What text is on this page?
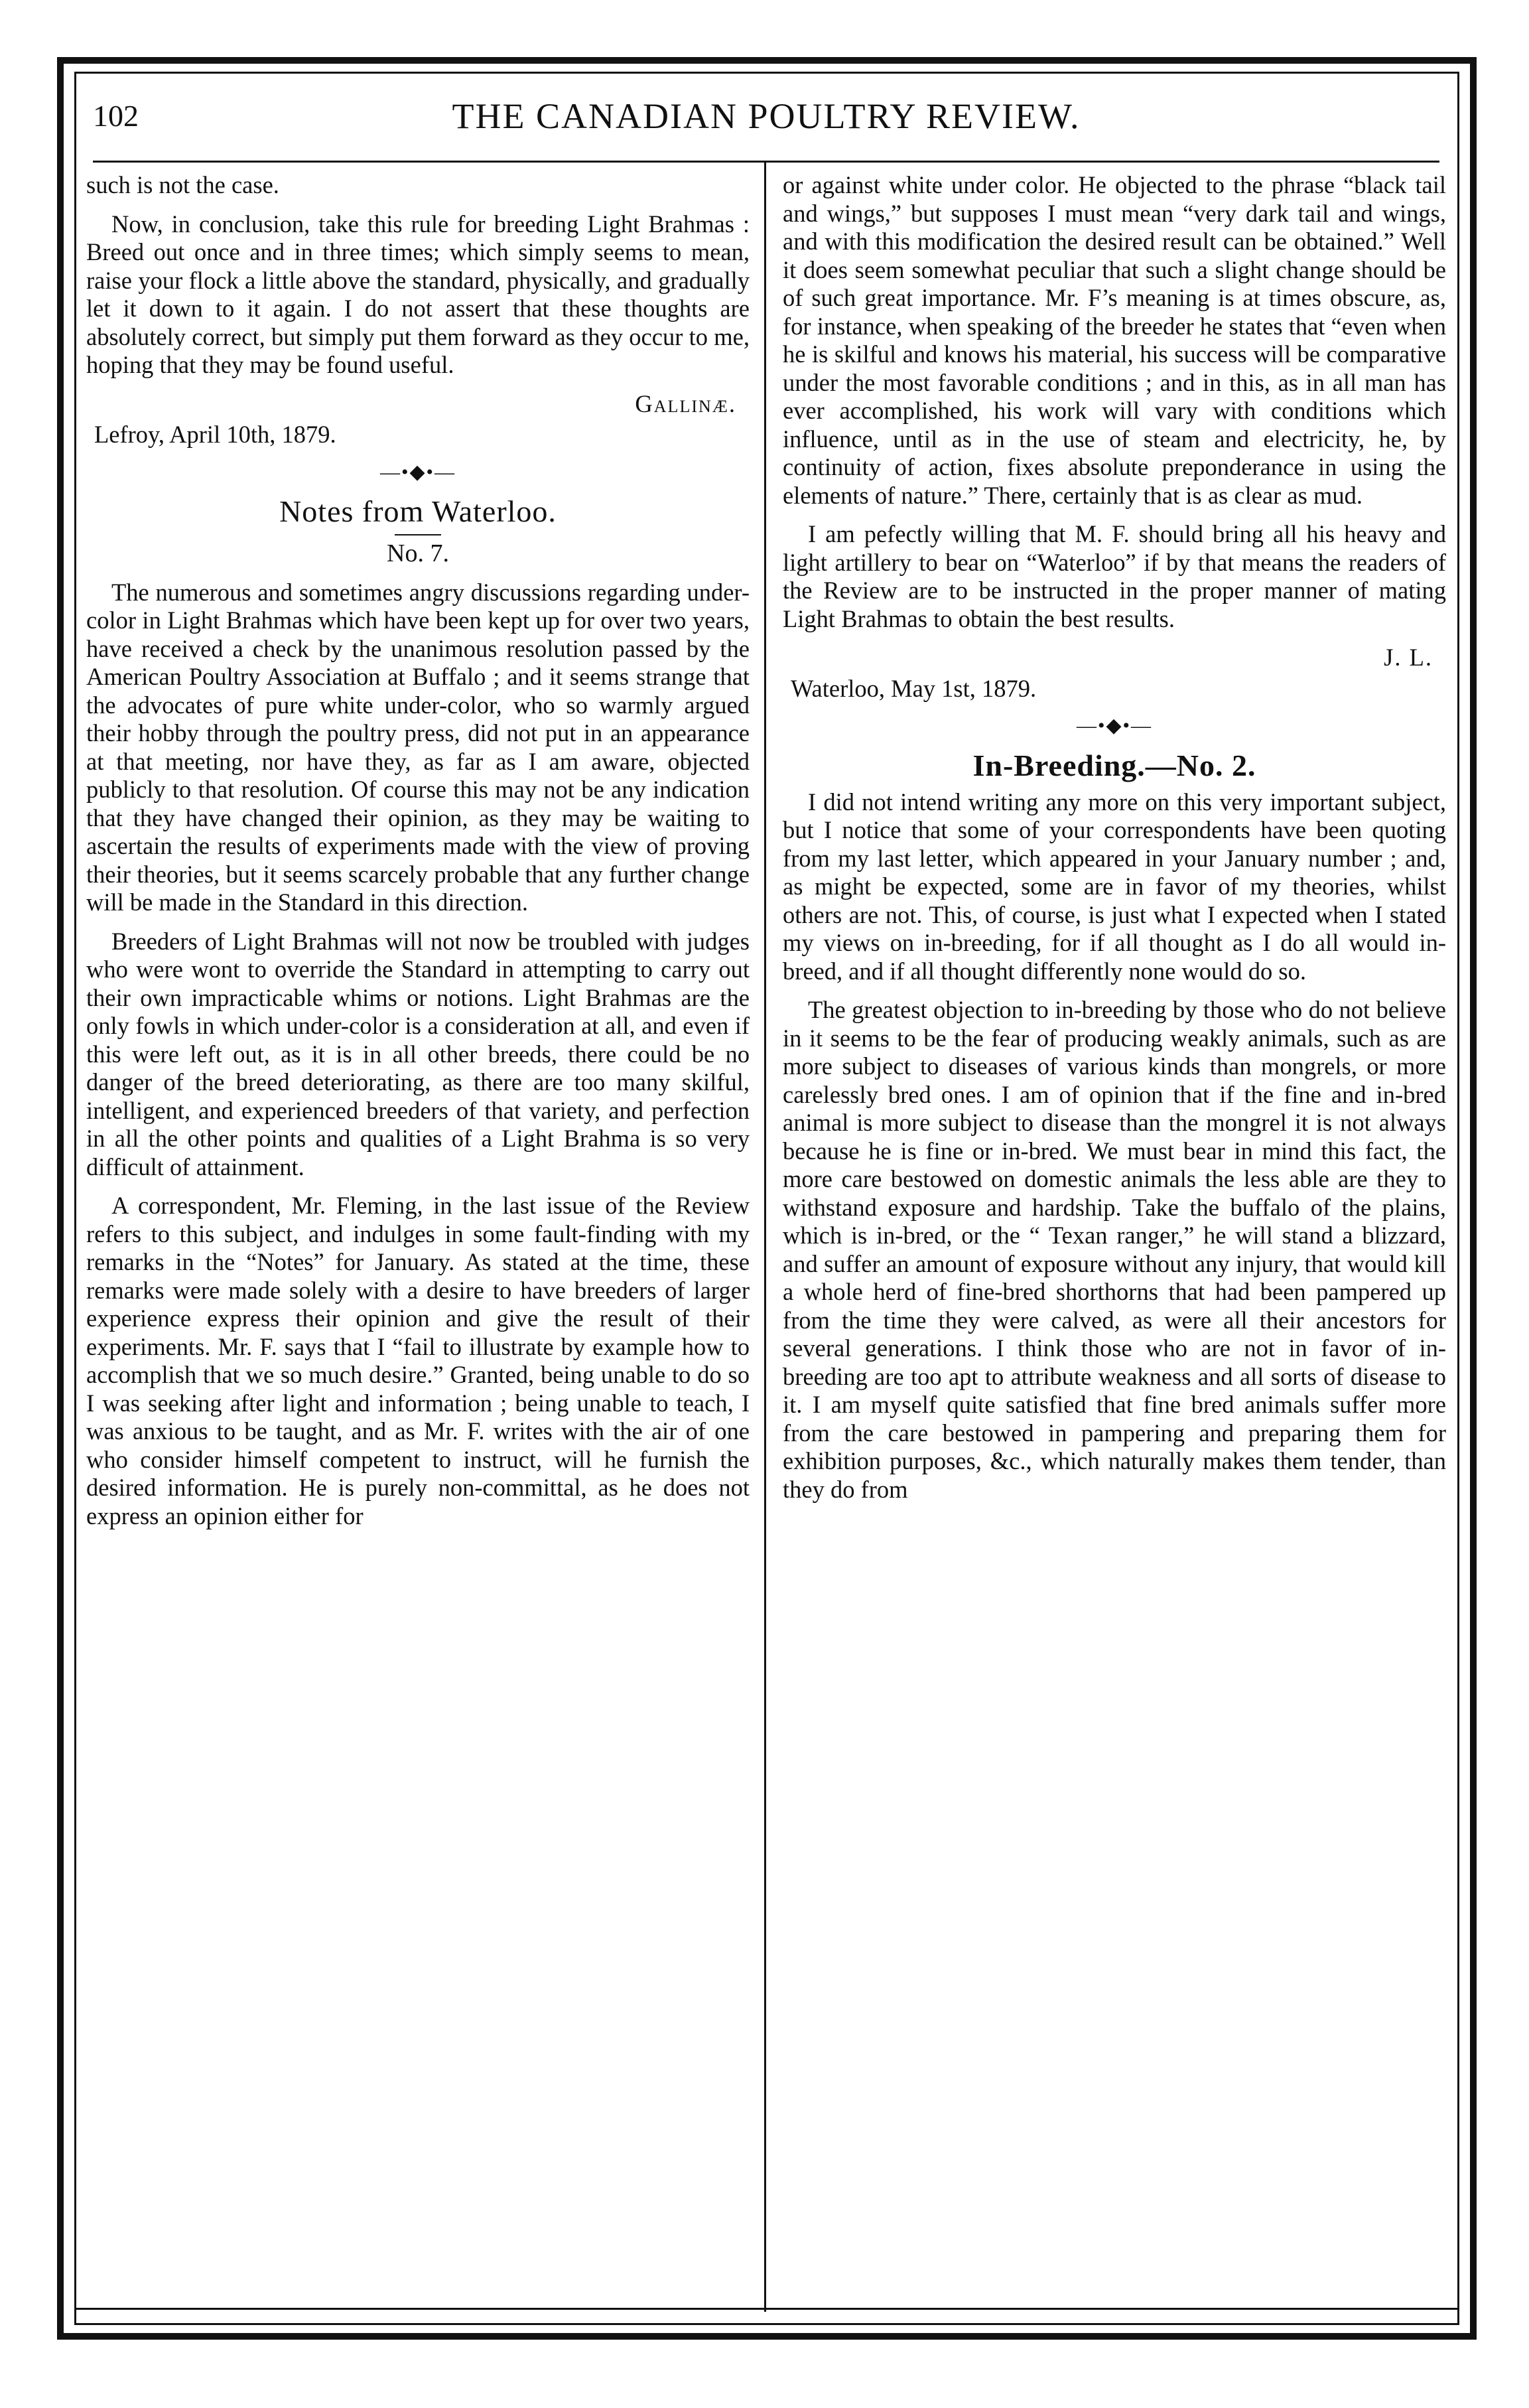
102	THE CANADIAN POULTRY REVIEW.

such is not the case.

Now, in conclusion, take this rule for breeding Light Brahmas : Breed out once and in three times; which simply seems to mean, raise your flock a little above the standard, physically, and gradually let it down to it again. I do not assert that these thoughts are absolutely correct, but simply put them forward as they occur to me, hoping that they may be found useful.

Gallinæ.
Lefroy, April 10th, 1879.
—•◆•—
Notes from Waterloo.
No. 7.

The numerous and sometimes angry discussions regarding under-color in Light Brahmas which have been kept up for over two years, have received a check by the unanimous resolution passed by the American Poultry Association at Buffalo ; and it seems strange that the advocates of pure white under-color, who so warmly argued their hobby through the poultry press, did not put in an appearance at that meeting, nor have they, as far as I am aware, objected publicly to that resolution. Of course this may not be any indication that they have changed their opinion, as they may be waiting to ascertain the results of experiments made with the view of proving their theories, but it seems scarcely probable that any further change will be made in the Standard in this direction.

Breeders of Light Brahmas will not now be troubled with judges who were wont to override the Standard in attempting to carry out their own impracticable whims or notions. Light Brahmas are the only fowls in which under-color is a consideration at all, and even if this were left out, as it is in all other breeds, there could be no danger of the breed deteriorating, as there are too many skilful, intelligent, and experienced breeders of that variety, and perfection in all the other points and qualities of a Light Brahma is so very difficult of attainment.

A correspondent, Mr. Fleming, in the last issue of the Review refers to this subject, and indulges in some fault-finding with my remarks in the “Notes” for January. As stated at the time, these remarks were made solely with a desire to have breeders of larger experience express their opinion and give the result of their experiments. Mr. F. says that I “fail to illustrate by example how to accomplish that we so much desire.” Granted, being unable to do so I was seeking after light and information ; being unable to teach, I was anxious to be taught, and as Mr. F. writes with the air of one who consider himself competent to instruct, will he furnish the desired information. He is purely non-committal, as he does not express an opinion either for

or against white under color. He objected to the phrase “black tail and wings,” but supposes I must mean “very dark tail and wings, and with this modification the desired result can be obtained.” Well it does seem somewhat peculiar that such a slight change should be of such great importance. Mr. F’s meaning is at times obscure, as, for instance, when speaking of the breeder he states that “even when he is skilful and knows his material, his success will be comparative under the most favorable conditions ; and in this, as in all man has ever accomplished, his work will vary with conditions which influence, until as in the use of steam and electricity, he, by continuity of action, fixes absolute preponderance in using the elements of nature.” There, certainly that is as clear as mud.

I am pefectly willing that M. F. should bring all his heavy and light artillery to bear on “Waterloo” if by that means the readers of the Review are to be instructed in the proper manner of mating Light Brahmas to obtain the best results.

J. L.
Waterloo, May 1st, 1879.
—•◆•—
In-Breeding.—No. 2.

I did not intend writing any more on this very important subject, but I notice that some of your correspondents have been quoting from my last letter, which appeared in your January number ; and, as might be expected, some are in favor of my theories, whilst others are not. This, of course, is just what I expected when I stated my views on in-breeding, for if all thought as I do all would in-breed, and if all thought differently none would do so.

The greatest objection to in-breeding by those who do not believe in it seems to be the fear of producing weakly animals, such as are more subject to diseases of various kinds than mongrels, or more carelessly bred ones. I am of opinion that if the fine and in-bred animal is more subject to disease than the mongrel it is not always because he is fine or in-bred. We must bear in mind this fact, the more care bestowed on domestic animals the less able are they to withstand exposure and hardship. Take the buffalo of the plains, which is in-bred, or the “ Texan ranger,” he will stand a blizzard, and suffer an amount of exposure without any injury, that would kill a whole herd of fine-bred shorthorns that had been pampered up from the time they were calved, as were all their ancestors for several generations. I think those who are not in favor of in-breeding are too apt to attribute weakness and all sorts of disease to it. I am myself quite satisfied that fine bred animals suffer more from the care bestowed in pampering and preparing them for exhibition purposes, &c., which naturally makes them tender, than they do from
